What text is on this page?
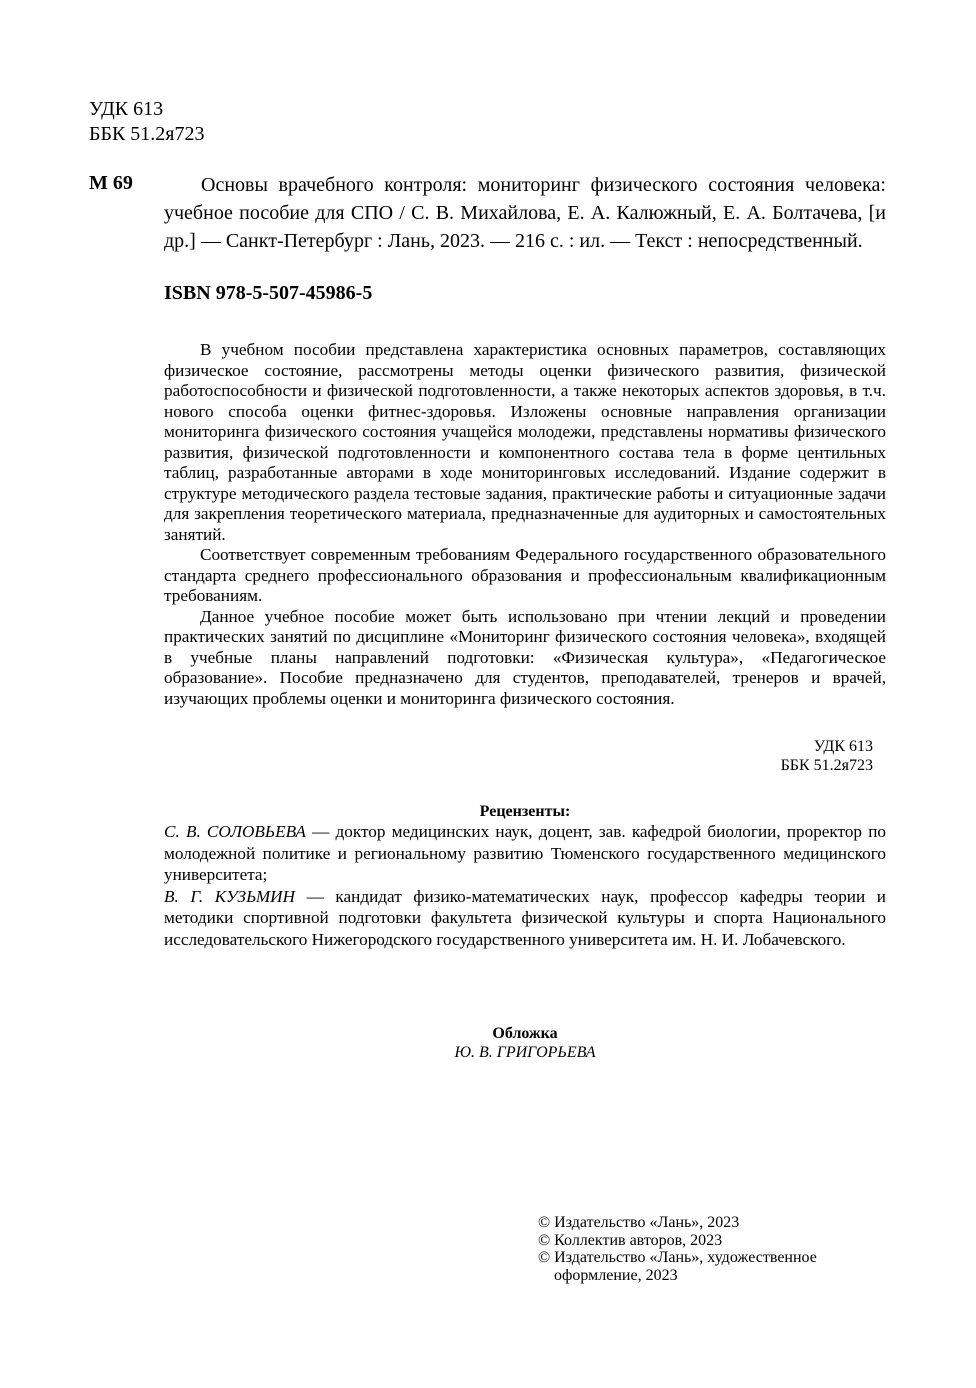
УДК 613
ББК 51.2я723
М 69	Основы врачебного контроля: мониторинг физического состояния человека: учебное пособие для СПО / С. В. Михайлова, Е. А. Калюжный, Е. А. Болтачева, [и др.] — Санкт-Петербург : Лань, 2023. — 216 с. : ил. — Текст : непосредственный.
ISBN 978-5-507-45986-5

В учебном пособии представлена характеристика основных параметров, составляющих физическое состояние, рассмотрены методы оценки физического развития, физической работоспособности и физической подготовленности, а также некоторых аспектов здоровья, в т.ч. нового способа оценки фитнес-здоровья. Изложены основные направления организации мониторинга физического состояния учащейся молодежи, представлены нормативы физического развития, физической подготовленности и компонентного состава тела в форме центильных таблиц, разработанные авторами в ходе мониторинговых исследований. Издание содержит в структуре методического раздела тестовые задания, практические работы и ситуационные задачи для закрепления теоретического материала, предназначенные для аудиторных и самостоятельных занятий.

Соответствует современным требованиям Федерального государственного образовательного стандарта среднего профессионального образования и профессиональным квалификационным требованиям.

Данное учебное пособие может быть использовано при чтении лекций и проведении практических занятий по дисциплине «Мониторинг физического состояния человека», входящей в учебные планы направлений подготовки: «Физическая культура», «Педагогическое образование». Пособие предназначено для студентов, преподавателей, тренеров и врачей, изучающих проблемы оценки и мониторинга физического состояния.

УДК 613
ББК 51.2я723
Рецензенты:

С. В. СОЛОВЬЕВА — доктор медицинских наук, доцент, зав. кафедрой биологии, проректор по молодежной политике и региональному развитию Тюменского государственного медицинского университета;

В. Г. КУЗЬМИН — кандидат физико-математических наук, профессор кафедры теории и методики спортивной подготовки факультета физической культуры и спорта Национального исследовательского Нижегородского государственного университета им. Н. И. Лобачевского.

Обложка
Ю. В. ГРИГОРЬЕВА
© Издательство «Лань», 2023
© Коллектив авторов, 2023
© Издательство «Лань», художественное оформление, 2023
